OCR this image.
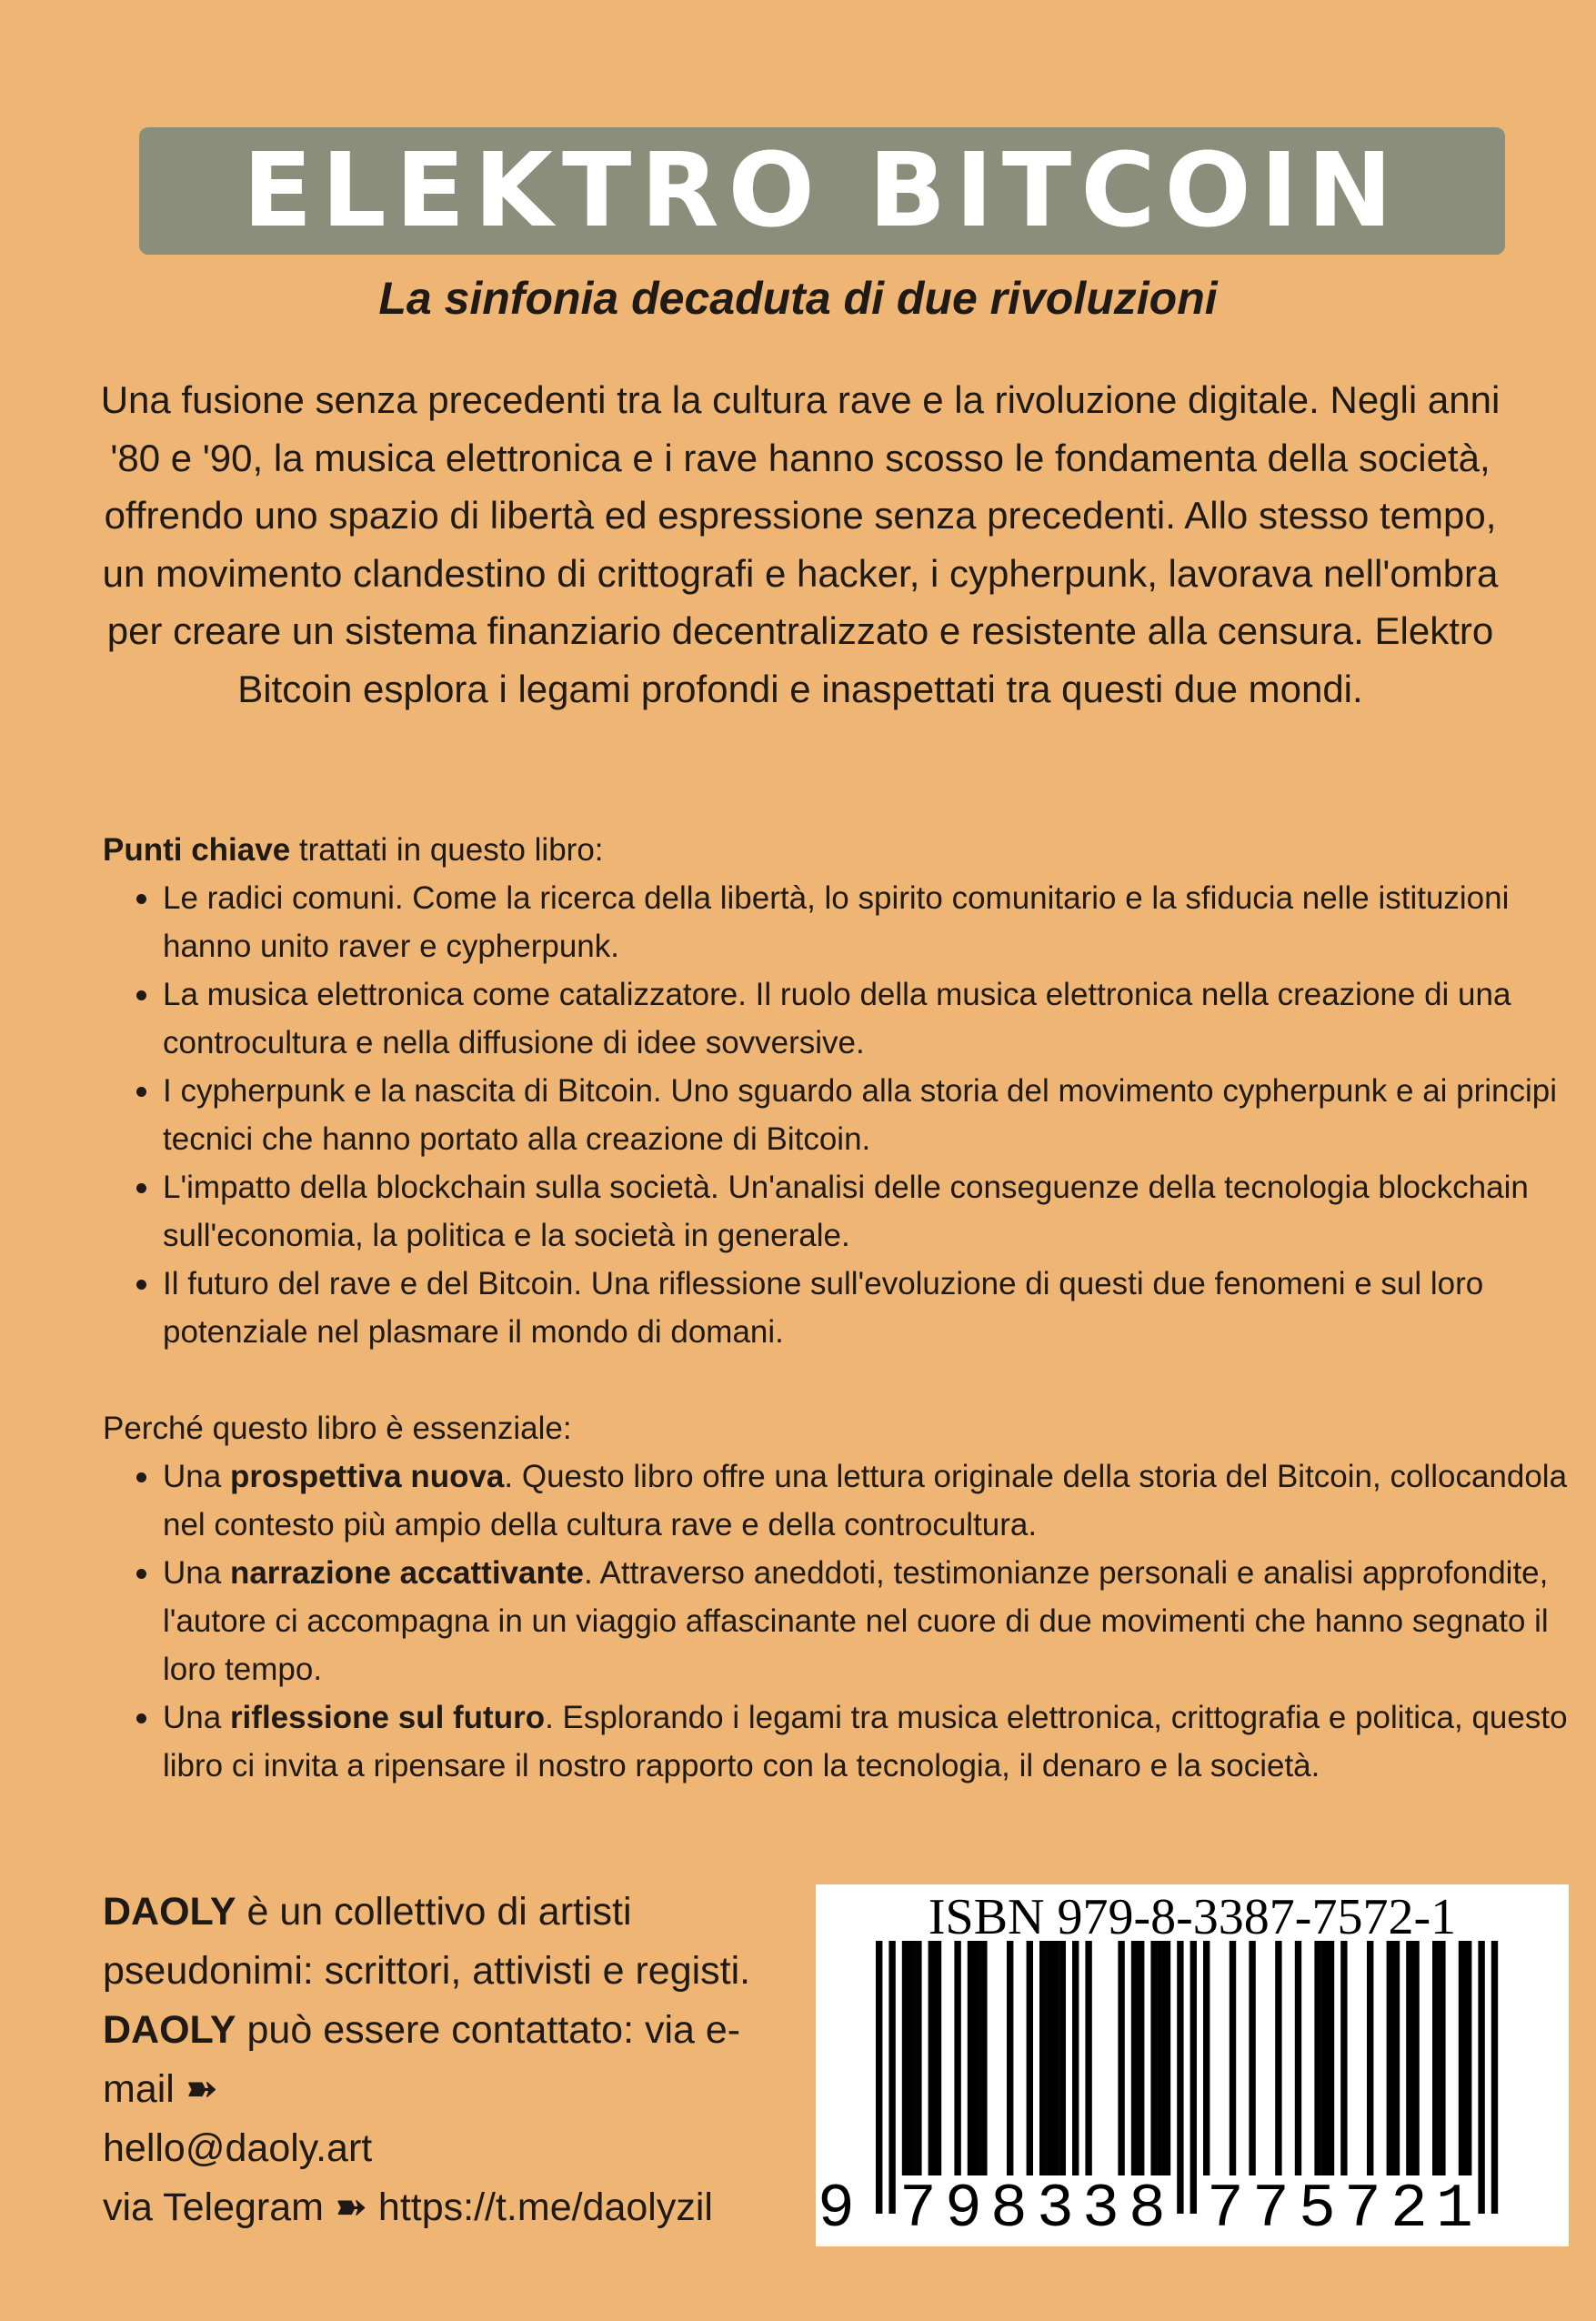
ELEKTRO BITCOIN
La sinfonia decaduta di due rivoluzioni

Una fusione senza precedenti tra la cultura rave e la rivoluzione digitale. Negli anni '80 e '90, la musica elettronica e i rave hanno scosso le fondamenta della società, offrendo uno spazio di libertà ed espressione senza precedenti. Allo stesso tempo, un movimento clandestino di crittografi e hacker, i cypherpunk, lavorava nell'ombra per creare un sistema finanziario decentralizzato e resistente alla censura. Elektro Bitcoin esplora i legami profondi e inaspettati tra questi due mondi.

Punti chiave trattati in questo libro:

Le radici comuni. Come la ricerca della libertà, lo spirito comunitario e la sfiducia nelle istituzioni hanno unito raver e cypherpunk.
La musica elettronica come catalizzatore. Il ruolo della musica elettronica nella creazione di una controcultura e nella diffusione di idee sovversive.
I cypherpunk e la nascita di Bitcoin. Uno sguardo alla storia del movimento cypherpunk e ai principi tecnici che hanno portato alla creazione di Bitcoin.
L'impatto della blockchain sulla società. Un'analisi delle conseguenze della tecnologia blockchain sull'economia, la politica e la società in generale.
Il futuro del rave e del Bitcoin. Una riflessione sull'evoluzione di questi due fenomeni e sul loro potenziale nel plasmare il mondo di domani.

Perché questo libro è essenziale:

Una prospettiva nuova. Questo libro offre una lettura originale della storia del Bitcoin, collocandola nel contesto più ampio della cultura rave e della controcultura.
Una narrazione accattivante. Attraverso aneddoti, testimonianze personali e analisi approfondite, l'autore ci accompagna in un viaggio affascinante nel cuore di due movimenti che hanno segnato il loro tempo.
Una riflessione sul futuro. Esplorando i legami tra musica elettronica, crittografia e politica, questo libro ci invita a ripensare il nostro rapporto con la tecnologia, il denaro e la società.

DAOLY è un collettivo di artisti pseudonimi: scrittori, attivisti e registi. DAOLY può essere contattato: via e-mail ➽
hello@daoly.art
via Telegram ➽ https://t.me/daolyzil

ISBN 979-8-3387-7572-1
9 7 9 8 3 3 8 7 7 5 7 2 1
